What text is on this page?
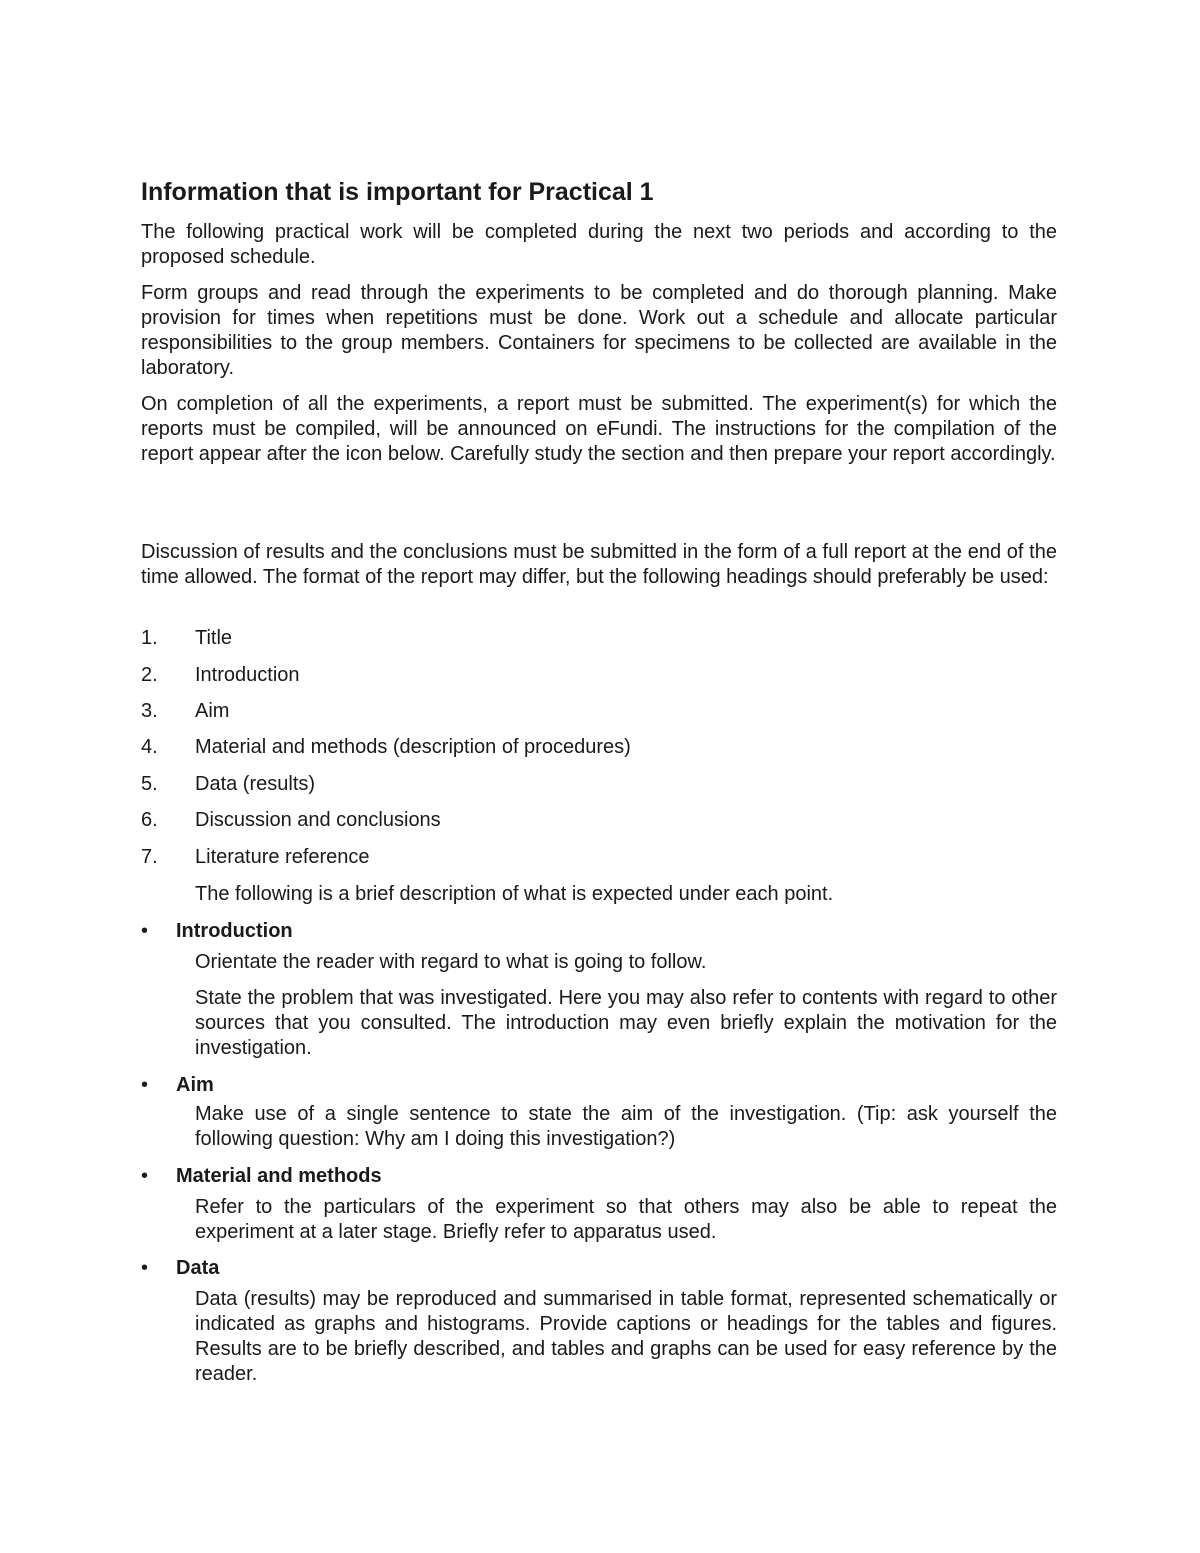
Information that is important for Practical 1

The following practical work will be completed during the next two periods and according to the proposed schedule.

Form groups and read through the experiments to be completed and do thorough planning. Make provision for times when repetitions must be done. Work out a schedule and allocate particular responsibilities to the group members. Containers for specimens to be collected are available in the laboratory.

On completion of all the experiments, a report must be submitted. The experiment(s) for which the reports must be compiled, will be announced on eFundi. The instructions for the compilation of the report appear after the icon below. Carefully study the section and then prepare your report accordingly.

Discussion of results and the conclusions must be submitted in the form of a full report at the end of the time allowed. The format of the report may differ, but the following headings should preferably be used:

1.	Title
2.	Introduction
3.	Aim
4.	Material and methods (description of procedures)
5.	Data (results)
6.	Discussion and conclusions
7.	Literature reference

The following is a brief description of what is expected under each point.

•	Introduction

Orientate the reader with regard to what is going to follow.

State the problem that was investigated. Here you may also refer to contents with regard to other sources that you consulted. The introduction may even briefly explain the motivation for the investigation.

•	Aim

Make use of a single sentence to state the aim of the investigation. (Tip: ask yourself the following question: Why am I doing this investigation?)

•	Material and methods

Refer to the particulars of the experiment so that others may also be able to repeat the experiment at a later stage. Briefly refer to apparatus used.

•	Data

Data (results) may be reproduced and summarised in table format, represented schematically or indicated as graphs and histograms. Provide captions or headings for the tables and figures. Results are to be briefly described, and tables and graphs can be used for easy reference by the reader.
